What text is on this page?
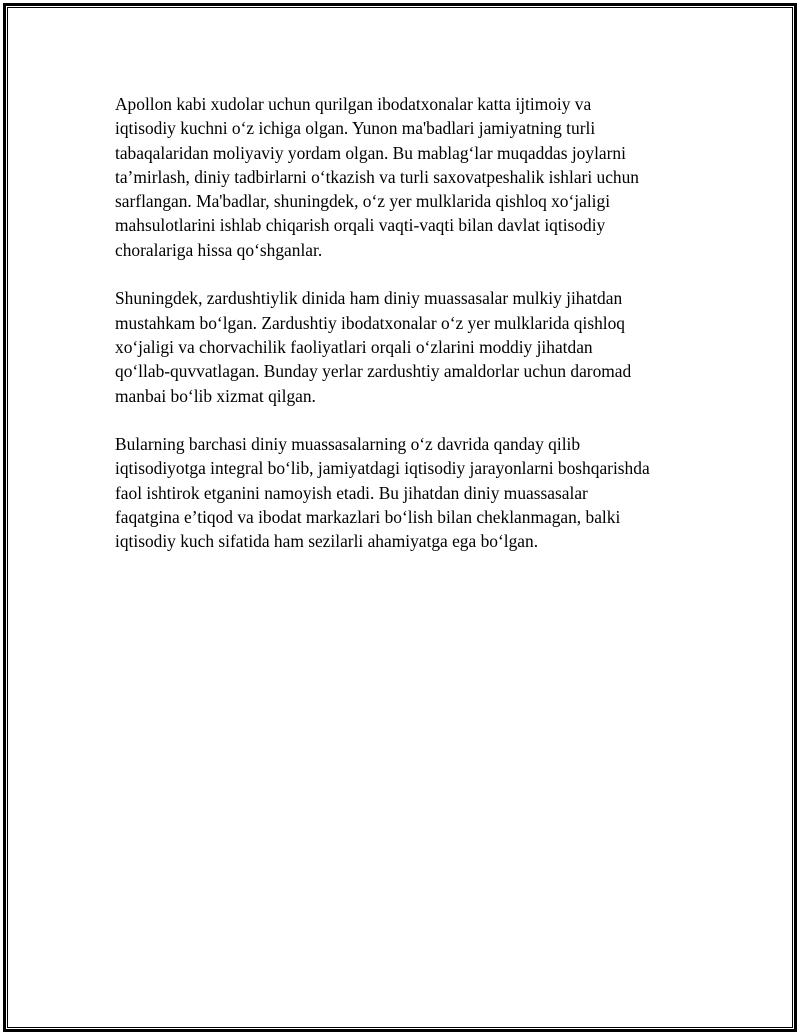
Apollon kabi xudolar uchun qurilgan ibodatxonalar katta ijtimoiy va
iqtisodiy kuchni o‘z ichiga olgan. Yunon ma'badlari jamiyatning turli
tabaqalaridan moliyaviy yordam olgan. Bu mablag‘lar muqaddas joylarni
ta’mirlash, diniy tadbirlarni o‘tkazish va turli saxovatpeshalik ishlari uchun
sarflangan. Ma'badlar, shuningdek, o‘z yer mulklarida qishloq xo‘jaligi
mahsulotlarini ishlab chiqarish orqali vaqti-vaqti bilan davlat iqtisodiy
choralariga hissa qo‘shganlar.

Shuningdek, zardushtiylik dinida ham diniy muassasalar mulkiy jihatdan
mustahkam bo‘lgan. Zardushtiy ibodatxonalar o‘z yer mulklarida qishloq
xo‘jaligi va chorvachilik faoliyatlari orqali o‘zlarini moddiy jihatdan
qo‘llab-quvvatlagan. Bunday yerlar zardushtiy amaldorlar uchun daromad
manbai bo‘lib xizmat qilgan.

Bularning barchasi diniy muassasalarning o‘z davrida qanday qilib
iqtisodiyotga integral bo‘lib, jamiyatdagi iqtisodiy jarayonlarni boshqarishda
faol ishtirok etganini namoyish etadi. Bu jihatdan diniy muassasalar
faqatgina e’tiqod va ibodat markazlari bo‘lish bilan cheklanmagan, balki
iqtisodiy kuch sifatida ham sezilarli ahamiyatga ega bo‘lgan.
